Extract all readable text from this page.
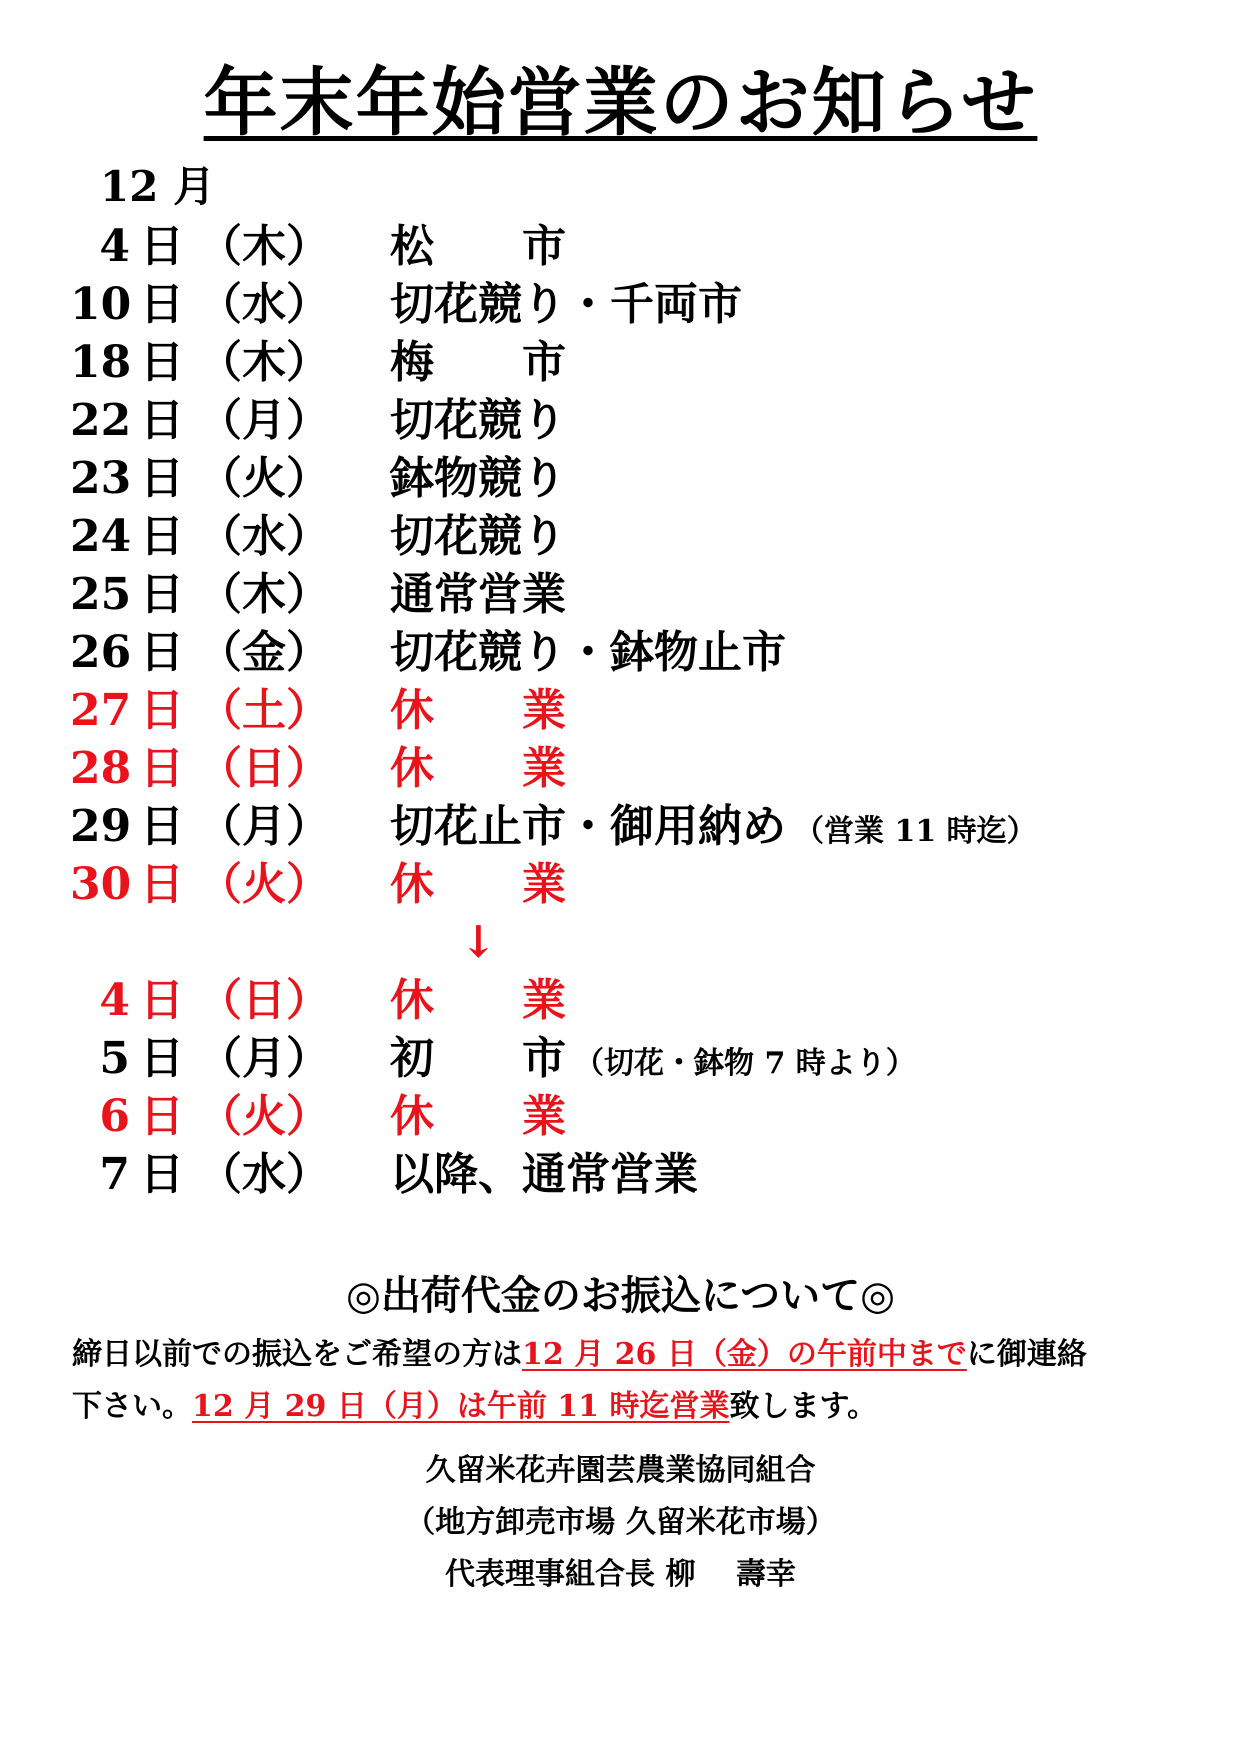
年末年始営業のお知らせ
12 月
4 日 （木） 松　　市
10 日 （水） 切花競り・千両市
18 日 （木） 梅　　市
22 日 （月） 切花競り
23 日 （火） 鉢物競り
24 日 （水） 切花競り
25 日 （木） 通常営業
26 日 （金） 切花競り・鉢物止市
27 日 （土） 休　　業
28 日 （日） 休　　業
29 日 （月） 切花止市・御用納め （営業 11 時迄）
30 日 （火） 休　　業
↓
4 日 （日） 休　　業
5 日 （月） 初　　市 （切花・鉢物 7 時より）
6 日 （火） 休　　業
7 日 （水） 以降、通常営業
◎出荷代金のお振込について◎
締日以前での振込をご希望の方は12 月 26 日（金）の午前中までに御連絡
下さい。12 月 29 日（月）は午前 11 時迄営業致します。
久留米花卉園芸農業協同組合
（地方卸売市場 久留米花市場）
代表理事組合長 柳　 壽幸
